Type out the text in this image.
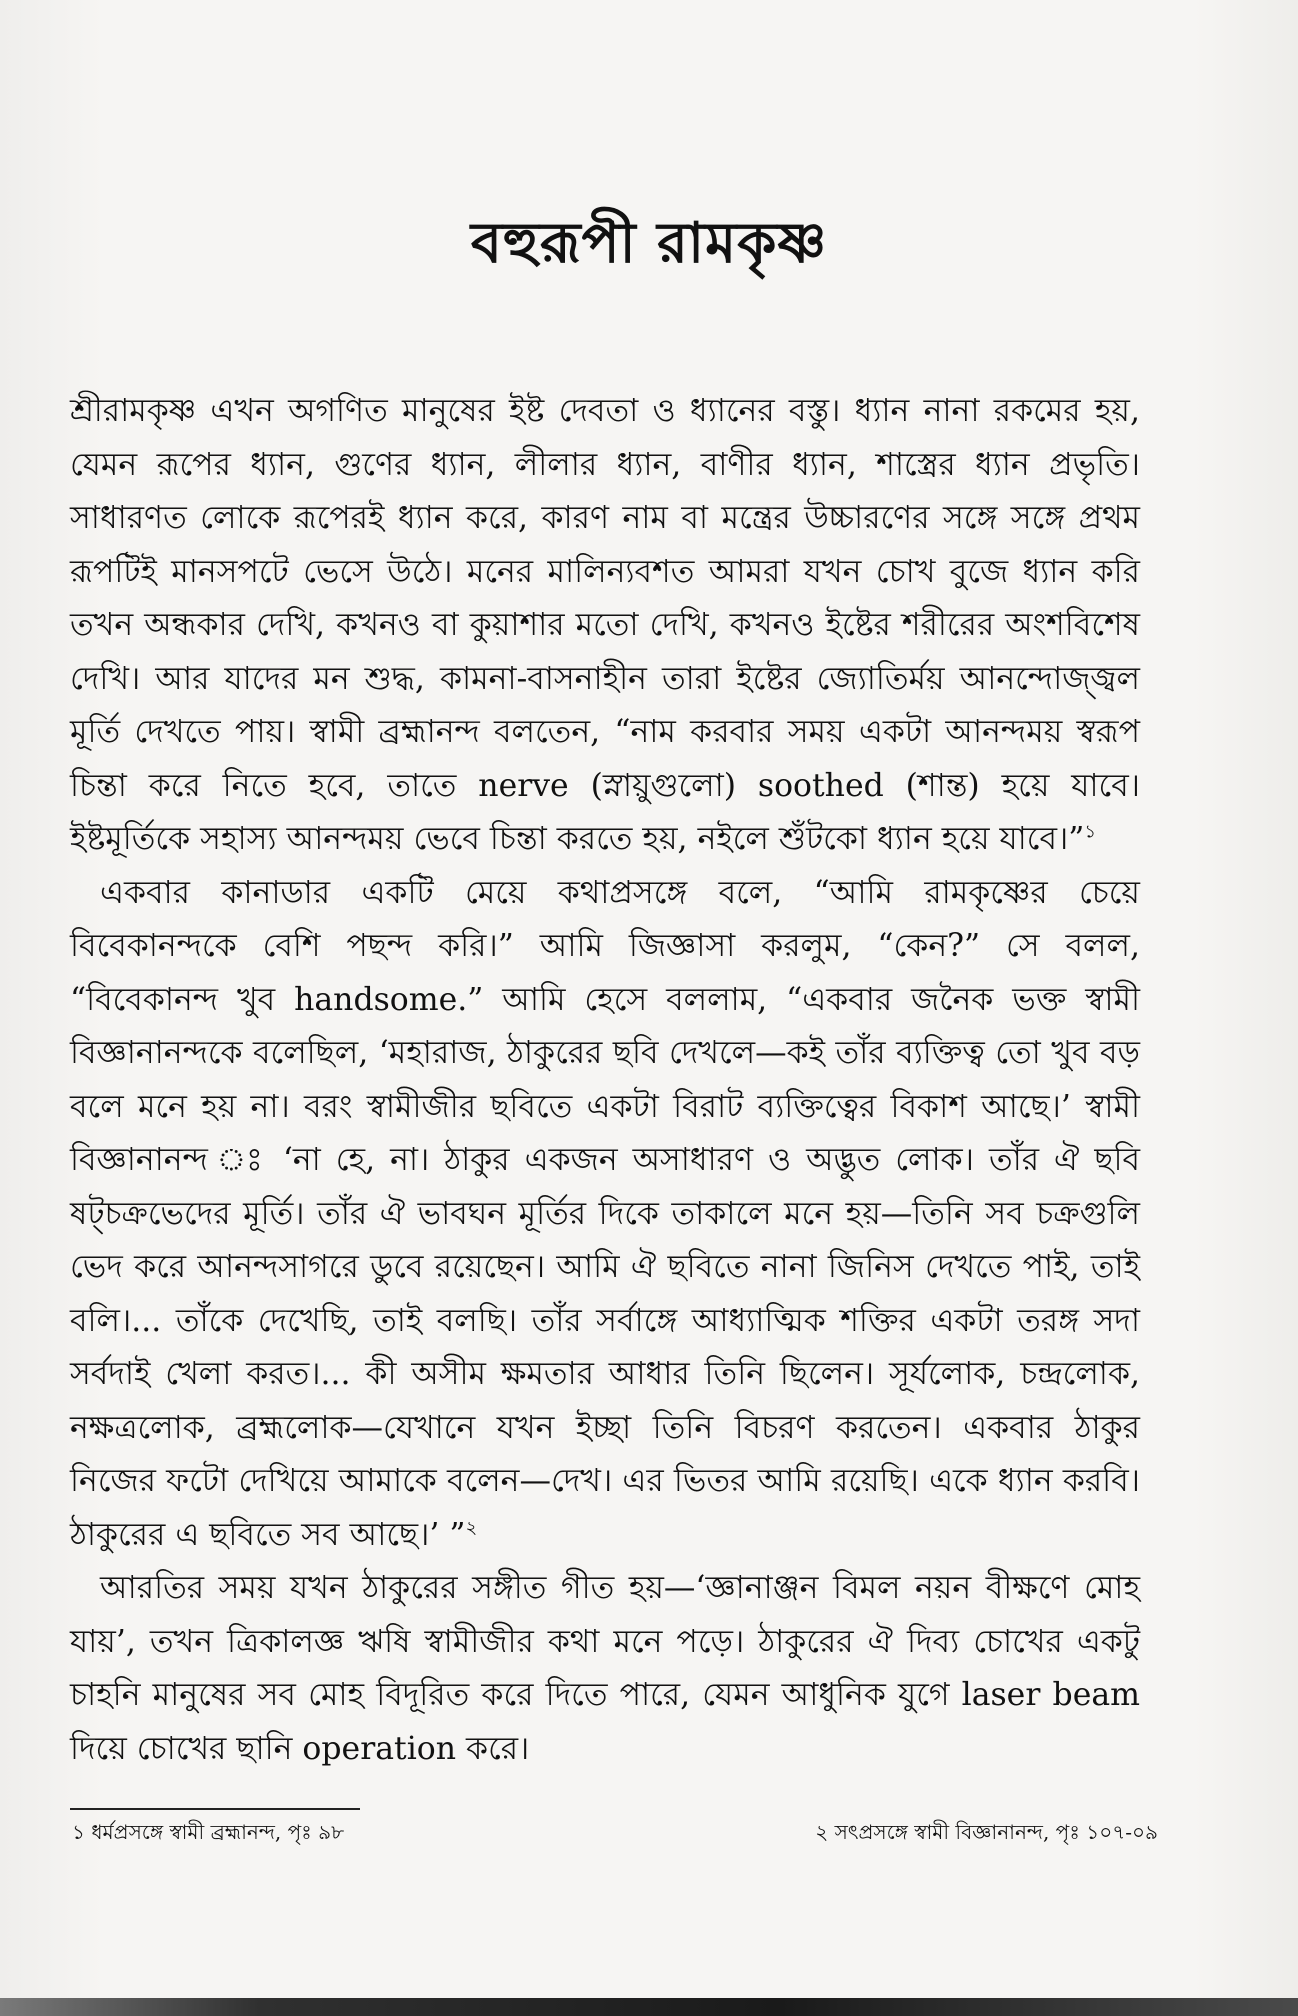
বহুরূপী রামকৃষ্ণ

শ্রীরামকৃষ্ণ এখন অগণিত মানুষের ইষ্ট দেবতা ও ধ্যানের বস্তু। ধ্যান নানা রকমের হয়, যেমন রূপের ধ্যান, গুণের ধ্যান, লীলার ধ্যান, বাণীর ধ্যান, শাস্ত্রের ধ্যান প্রভৃতি। সাধারণত লোকে রূপেরই ধ্যান করে, কারণ নাম বা মন্ত্রের উচ্চারণের সঙ্গে সঙ্গে প্রথম রূপটিই মানসপটে ভেসে উঠে। মনের মালিন্যবশত আমরা যখন চোখ বুজে ধ্যান করি তখন অন্ধকার দেখি, কখনও বা কুয়াশার মতো দেখি, কখনও ইষ্টের শরীরের অংশবিশেষ দেখি। আর যাদের মন শুদ্ধ, কামনা-বাসনাহীন তারা ইষ্টের জ্যোতির্ময় আনন্দোজ্জ্বল মূর্তি দেখতে পায়। স্বামী ব্রহ্মানন্দ বলতেন, “নাম করবার সময় একটা আনন্দময় স্বরূপ চিন্তা করে নিতে হবে, তাতে nerve (স্নায়ুগুলো) soothed (শান্ত) হয়ে যাবে। ইষ্টমূর্তিকে সহাস্য আনন্দময় ভেবে চিন্তা করতে হয়, নইলে শুঁটকো ধ্যান হয়ে যাবে।”$^১$

একবার কানাডার একটি মেয়ে কথাপ্রসঙ্গে বলে, “আমি রামকৃষ্ণের চেয়ে বিবেকানন্দকে বেশি পছন্দ করি।” আমি জিজ্ঞাসা করলুম, “কেন?” সে বলল, “বিবেকানন্দ খুব handsome.” আমি হেসে বললাম, “একবার জনৈক ভক্ত স্বামী বিজ্ঞানানন্দকে বলেছিল, ‘মহারাজ, ঠাকুরের ছবি দেখলে—কই তাঁর ব্যক্তিত্ব তো খুব বড় বলে মনে হয় না। বরং স্বামীজীর ছবিতে একটা বিরাট ব্যক্তিত্বের বিকাশ আছে।’ স্বামী বিজ্ঞানানন্দ ঃ ‘না হে, না। ঠাকুর একজন অসাধারণ ও অদ্ভুত লোক। তাঁর ঐ ছবি ষট্চক্রভেদের মূর্তি। তাঁর ঐ ভাবঘন মূর্তির দিকে তাকালে মনে হয়—তিনি সব চক্রগুলি ভেদ করে আনন্দসাগরে ডুবে রয়েছেন। আমি ঐ ছবিতে নানা জিনিস দেখতে পাই, তাই বলি।... তাঁকে দেখেছি, তাই বলছি। তাঁর সর্বাঙ্গে আধ্যাত্মিক শক্তির একটা তরঙ্গ সদা সর্বদাই খেলা করত।... কী অসীম ক্ষমতার আধার তিনি ছিলেন। সূর্যলোক, চন্দ্রলোক, নক্ষত্রলোক, ব্রহ্মলোক—যেখানে যখন ইচ্ছা তিনি বিচরণ করতেন। একবার ঠাকুর নিজের ফটো দেখিয়ে আমাকে বলেন—দেখ। এর ভিতর আমি রয়েছি। একে ধ্যান করবি। ঠাকুরের এ ছবিতে সব আছে।’ ”$^২$

আরতির সময় যখন ঠাকুরের সঙ্গীত গীত হয়—‘জ্ঞানাঞ্জন বিমল নয়ন বীক্ষণে মোহ যায়’, তখন ত্রিকালজ্ঞ ঋষি স্বামীজীর কথা মনে পড়ে। ঠাকুরের ঐ দিব্য চোখের একটু চাহনি মানুষের সব মোহ বিদূরিত করে দিতে পারে, যেমন আধুনিক যুগে laser beam দিয়ে চোখের ছানি operation করে।

১ ধর্মপ্রসঙ্গে স্বামী ব্রহ্মানন্দ, পৃঃ ৯৮	২ সৎপ্রসঙ্গে স্বামী বিজ্ঞানানন্দ, পৃঃ ১০৭-০৯
